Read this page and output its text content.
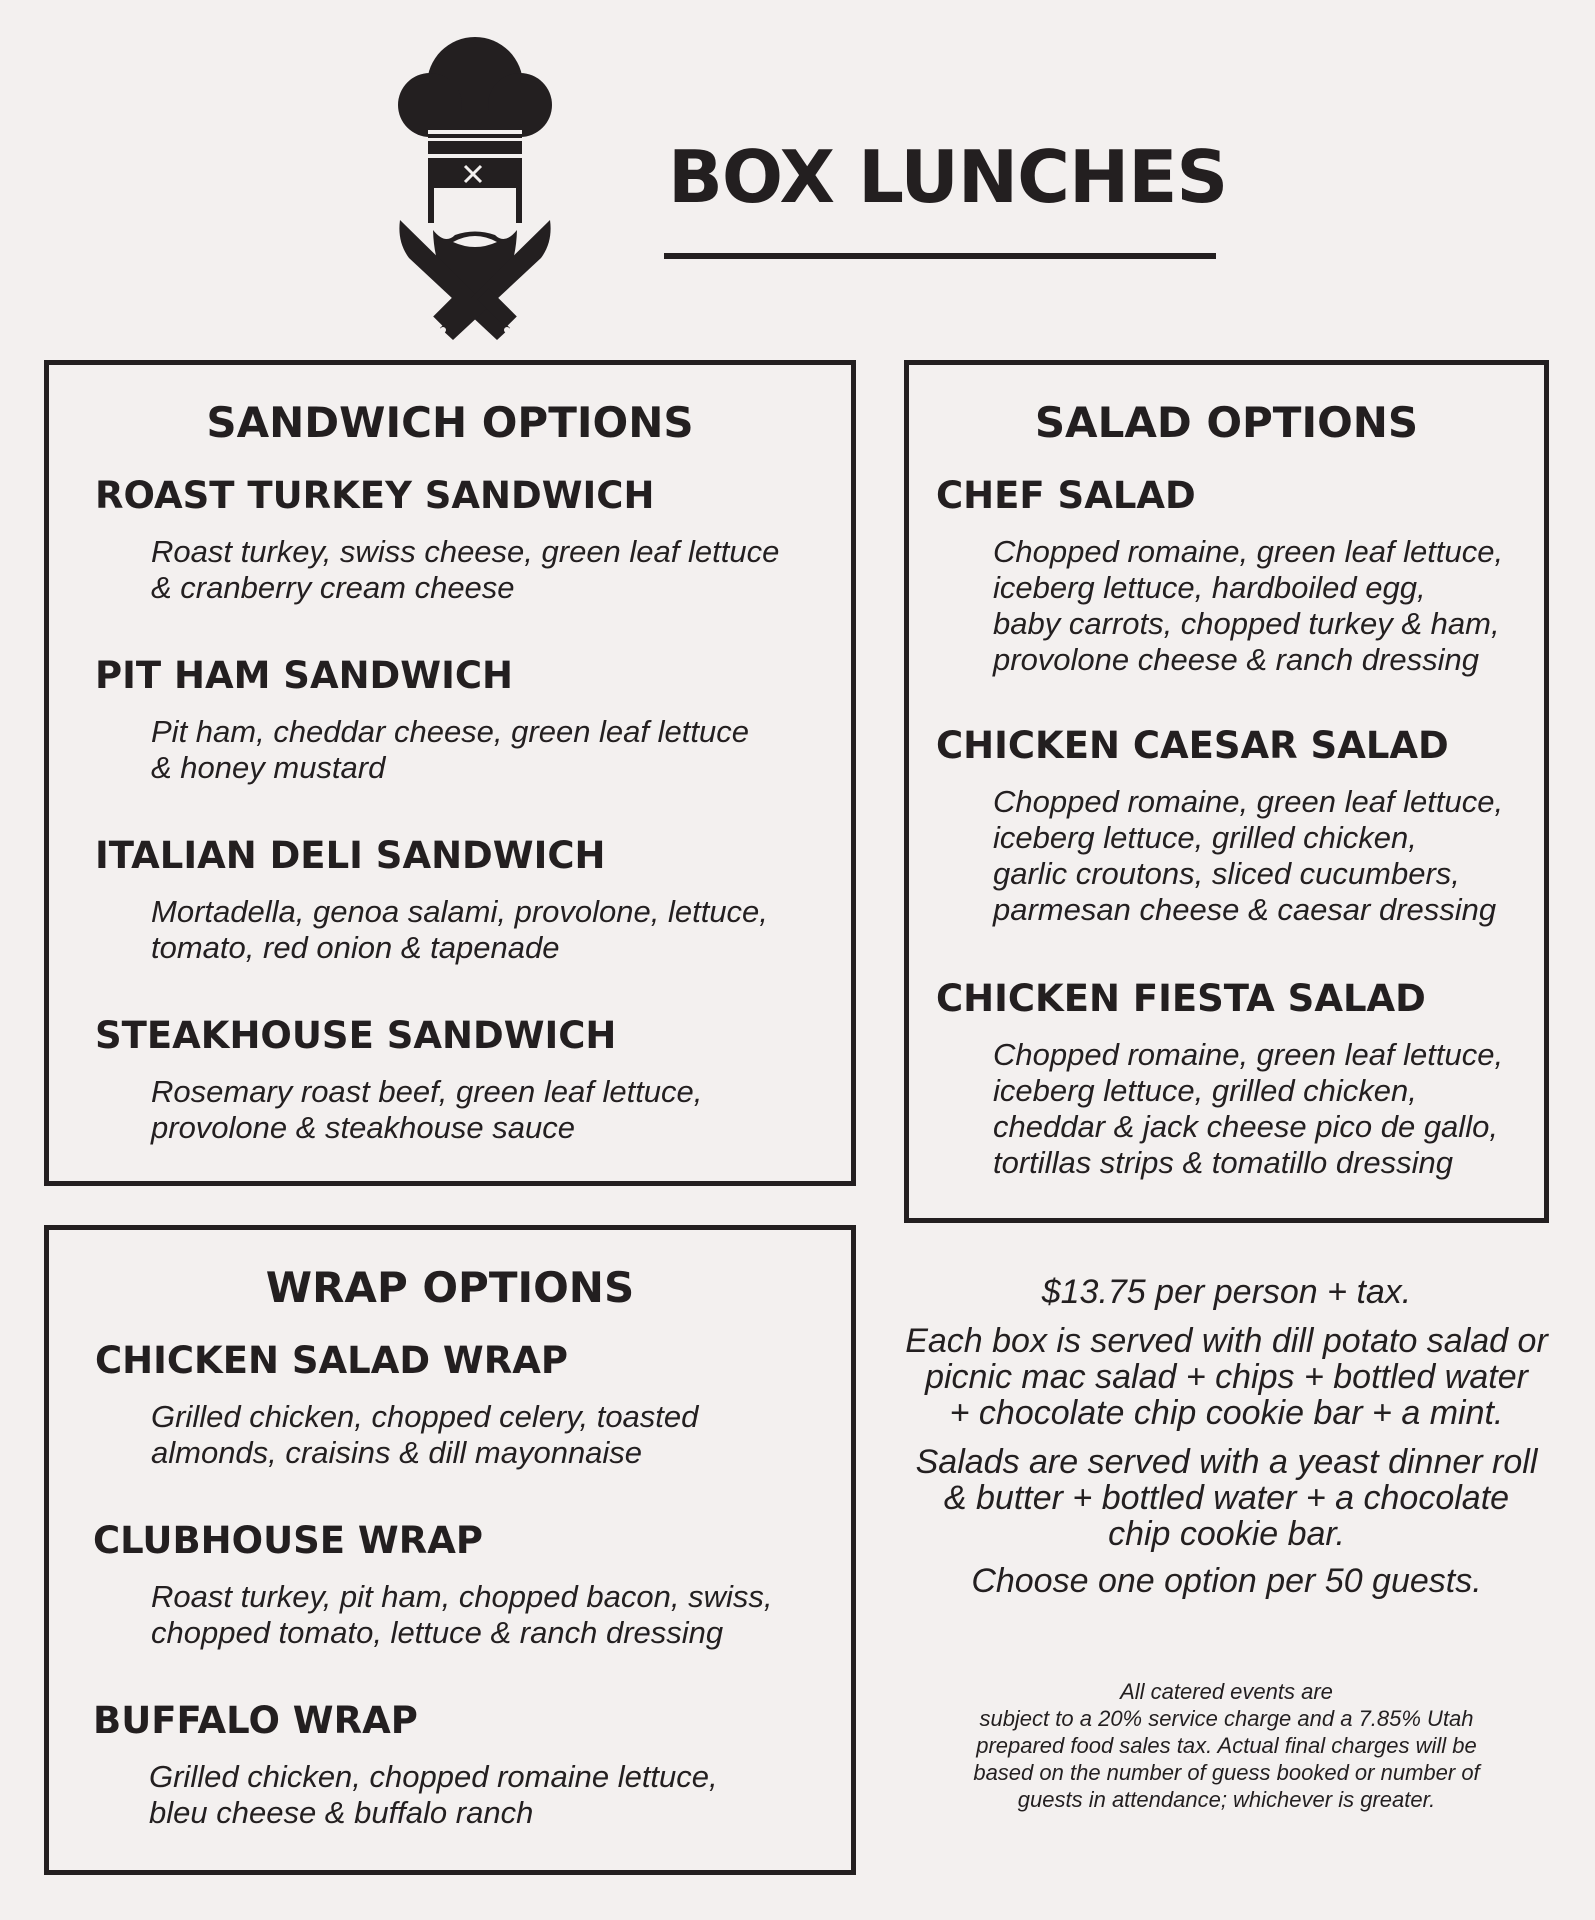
BOX LUNCHES
SANDWICH OPTIONS
ROAST TURKEY SANDWICH
Roast turkey, swiss cheese, green leaf lettuce
& cranberry cream cheese
PIT HAM SANDWICH
Pit ham, cheddar cheese, green leaf lettuce
& honey mustard
ITALIAN DELI SANDWICH
Mortadella, genoa salami, provolone, lettuce,
tomato, red onion & tapenade
STEAKHOUSE SANDWICH
Rosemary roast beef, green leaf lettuce,
provolone & steakhouse sauce
SALAD OPTIONS
CHEF SALAD
Chopped romaine, green leaf lettuce,
iceberg lettuce, hardboiled egg,
baby carrots, chopped turkey & ham,
provolone cheese & ranch dressing
CHICKEN CAESAR SALAD
Chopped romaine, green leaf lettuce,
iceberg lettuce, grilled chicken,
garlic croutons, sliced cucumbers,
parmesan cheese & caesar dressing
CHICKEN FIESTA SALAD
Chopped romaine, green leaf lettuce,
iceberg lettuce, grilled chicken,
cheddar & jack cheese pico de gallo,
tortillas strips & tomatillo dressing
WRAP OPTIONS
CHICKEN SALAD WRAP
Grilled chicken, chopped celery, toasted
almonds, craisins & dill mayonnaise
CLUBHOUSE WRAP
Roast turkey, pit ham, chopped bacon, swiss,
chopped tomato, lettuce & ranch dressing
BUFFALO WRAP
Grilled chicken, chopped romaine lettuce,
bleu cheese & buffalo ranch
$13.75 per person + tax.
Each box is served with dill potato salad or
picnic mac salad + chips + bottled water
+ chocolate chip cookie bar + a mint.
Salads are served with a yeast dinner roll
& butter + bottled water + a chocolate
chip cookie bar.
Choose one option per 50 guests.
All catered events are
subject to a 20% service charge and a 7.85% Utah
prepared food sales tax. Actual final charges will be
based on the number of guess booked or number of
guests in attendance; whichever is greater.
